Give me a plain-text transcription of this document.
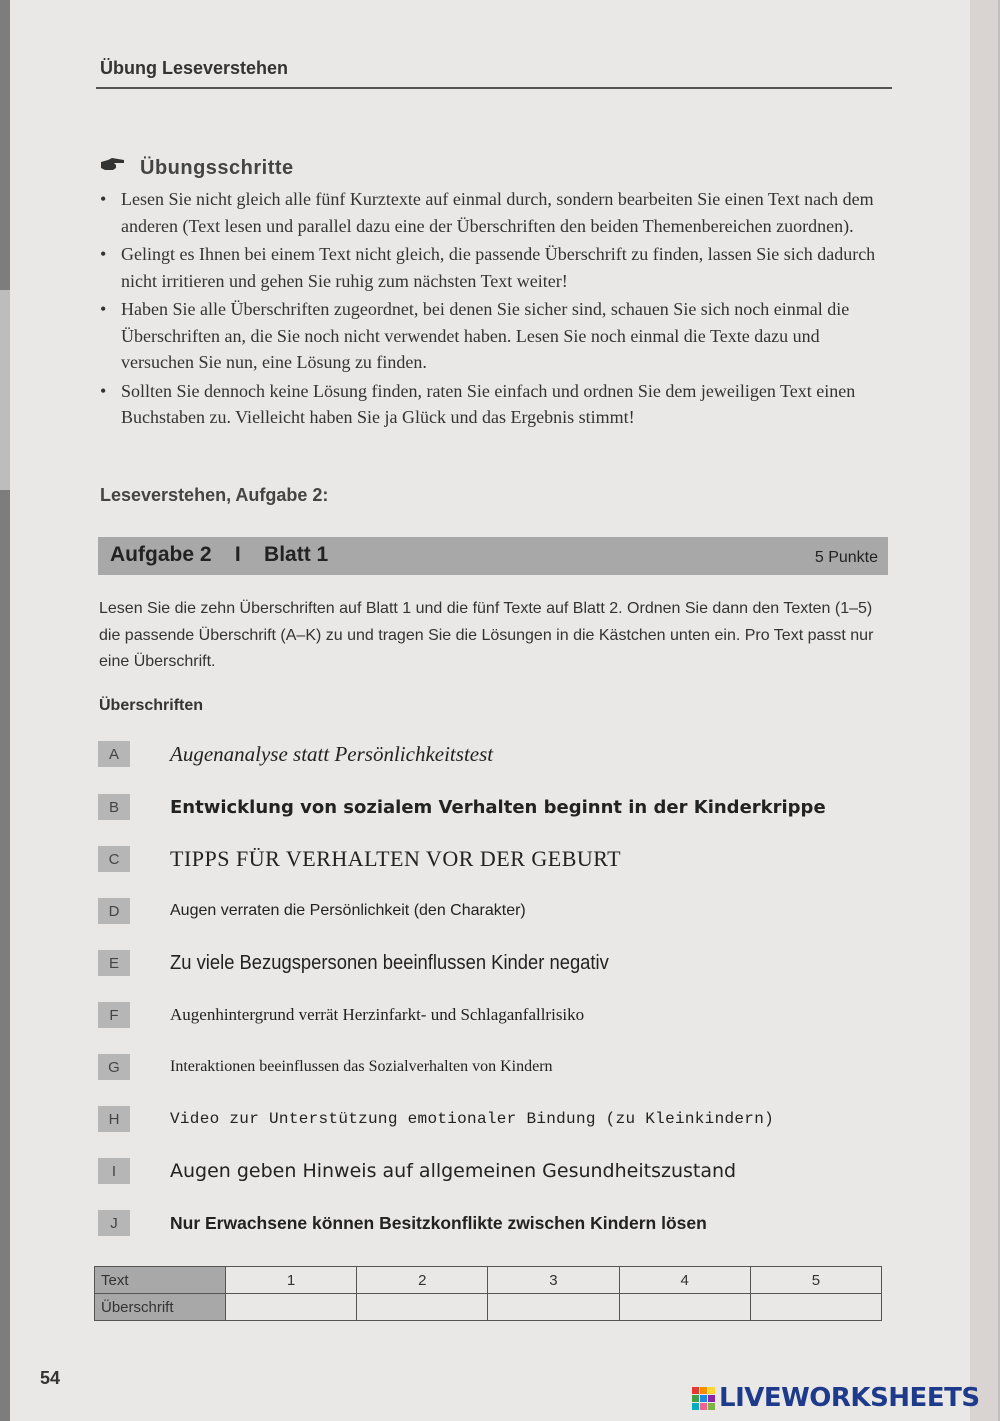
Übung Leseverstehen
Übungsschritte
• Lesen Sie nicht gleich alle fünf Kurztexte auf einmal durch, sondern bearbeiten Sie einen Text nach dem anderen (Text lesen und parallel dazu eine der Überschriften den beiden Themenbereichen zuordnen).
• Gelingt es Ihnen bei einem Text nicht gleich, die passende Überschrift zu finden, lassen Sie sich dadurch nicht irritieren und gehen Sie ruhig zum nächsten Text weiter!
• Haben Sie alle Überschriften zugeordnet, bei denen Sie sicher sind, schauen Sie sich noch einmal die Überschriften an, die Sie noch nicht verwendet haben. Lesen Sie noch einmal die Texte dazu und versuchen Sie nun, eine Lösung zu finden.
• Sollten Sie dennoch keine Lösung finden, raten Sie einfach und ordnen Sie dem jeweiligen Text einen Buchstaben zu. Vielleicht haben Sie ja Glück und das Ergebnis stimmt!
Leseverstehen, Aufgabe 2:
Aufgabe 2    I    Blatt 1	5 Punkte
Lesen Sie die zehn Überschriften auf Blatt 1 und die fünf Texte auf Blatt 2. Ordnen Sie dann den Texten (1–5) die passende Überschrift (A–K) zu und tragen Sie die Lösungen in die Kästchen unten ein. Pro Text passt nur eine Überschrift.
Überschriften
A	Augenanalyse statt Persönlichkeitstest
B	Entwicklung von sozialem Verhalten beginnt in der Kinderkrippe
C	TIPPS FÜR VERHALTEN VOR DER GEBURT
D	Augen verraten die Persönlichkeit (den Charakter)
E	Zu viele Bezugspersonen beeinflussen Kinder negativ
F	Augenhintergrund verrät Herzinfarkt- und Schlaganfallrisiko
G	Interaktionen beeinflussen das Sozialverhalten von Kindern
H	Video zur Unterstützung emotionaler Bindung (zu Kleinkindern)
I	Augen geben Hinweis auf allgemeinen Gesundheitszustand
J	Nur Erwachsene können Besitzkonflikte zwischen Kindern lösen
Text	1	2	3	4	5
Überschrift					
54
LIVEWORKSHEETS
